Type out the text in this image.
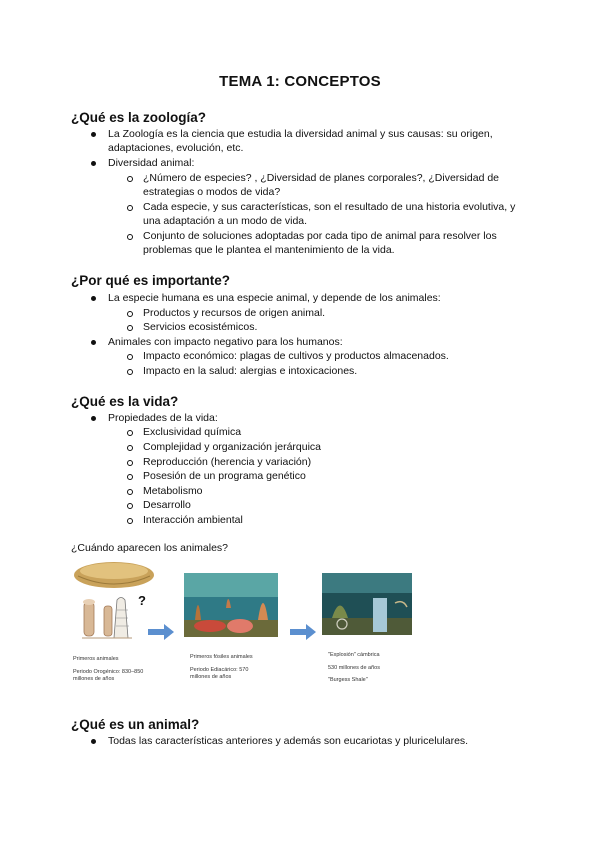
TEMA 1: CONCEPTOS
¿Qué es la zoología?
La Zoología es la ciencia que estudia la diversidad animal y sus causas: su origen, adaptaciones, evolución, etc.
Diversidad animal:
¿Número de especies? , ¿Diversidad de planes corporales?, ¿Diversidad de estrategias o modos de vida?
Cada especie, y sus características, son el resultado de una historia evolutiva, y una adaptación a un modo de vida.
Conjunto de soluciones adoptadas por cada tipo de animal para resolver los problemas que le plantea el mantenimiento de la vida.
¿Por qué es importante?
La especie humana es una especie animal, y depende de los animales:
Productos y recursos de origen animal.
Servicios ecosistémicos.
Animales con impacto negativo para los humanos:
Impacto económico: plagas de cultivos y productos almacenados.
Impacto en la salud: alergias e intoxicaciones.
¿Qué es la vida?
Propiedades de la vida:
Exclusividad química
Complejidad y organización jerárquica
Reproducción (herencia y variación)
Posesión de un programa genético
Metabolismo
Desarrollo
Interacción ambiental
¿Cuándo aparecen los animales?
Primeros animales
Periodo Orogénico: 830–850
millones de años
Primeros fósiles animales
Periodo Ediacárico: 570
millones de años
"Explosión" cámbrica
530 millones de años
"Burgess Shale"
?
¿Qué es un animal?
Todas las características anteriores y además son eucariotas y pluricelulares.
